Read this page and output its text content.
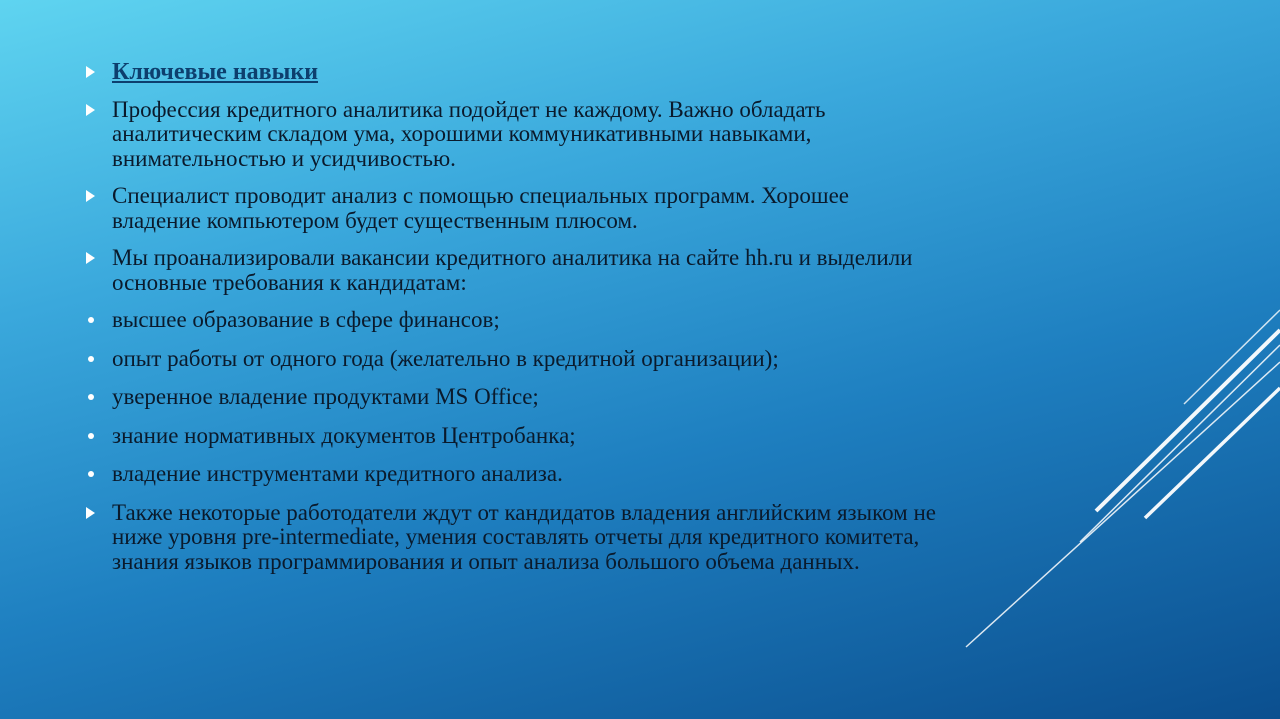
Ключевые навыки
Профессия кредитного аналитика подойдет не каждому. Важно обладать аналитическим складом ума, хорошими коммуникативными навыками, внимательностью и усидчивостью.
Специалист проводит анализ с помощью специальных программ. Хорошее владение компьютером будет существенным плюсом.
Мы проанализировали вакансии кредитного аналитика на сайте hh.ru и выделили основные требования к кандидатам:
высшее образование в сфере финансов;
опыт работы от одного года (желательно в кредитной организации);
уверенное владение продуктами MS Office;
знание нормативных документов Центробанка;
владение инструментами кредитного анализа.
Также некоторые работодатели ждут от кандидатов владения английским языком не ниже уровня pre-intermediate, умения составлять отчеты для кредитного комитета, знания языков программирования и опыт анализа большого объема данных.
